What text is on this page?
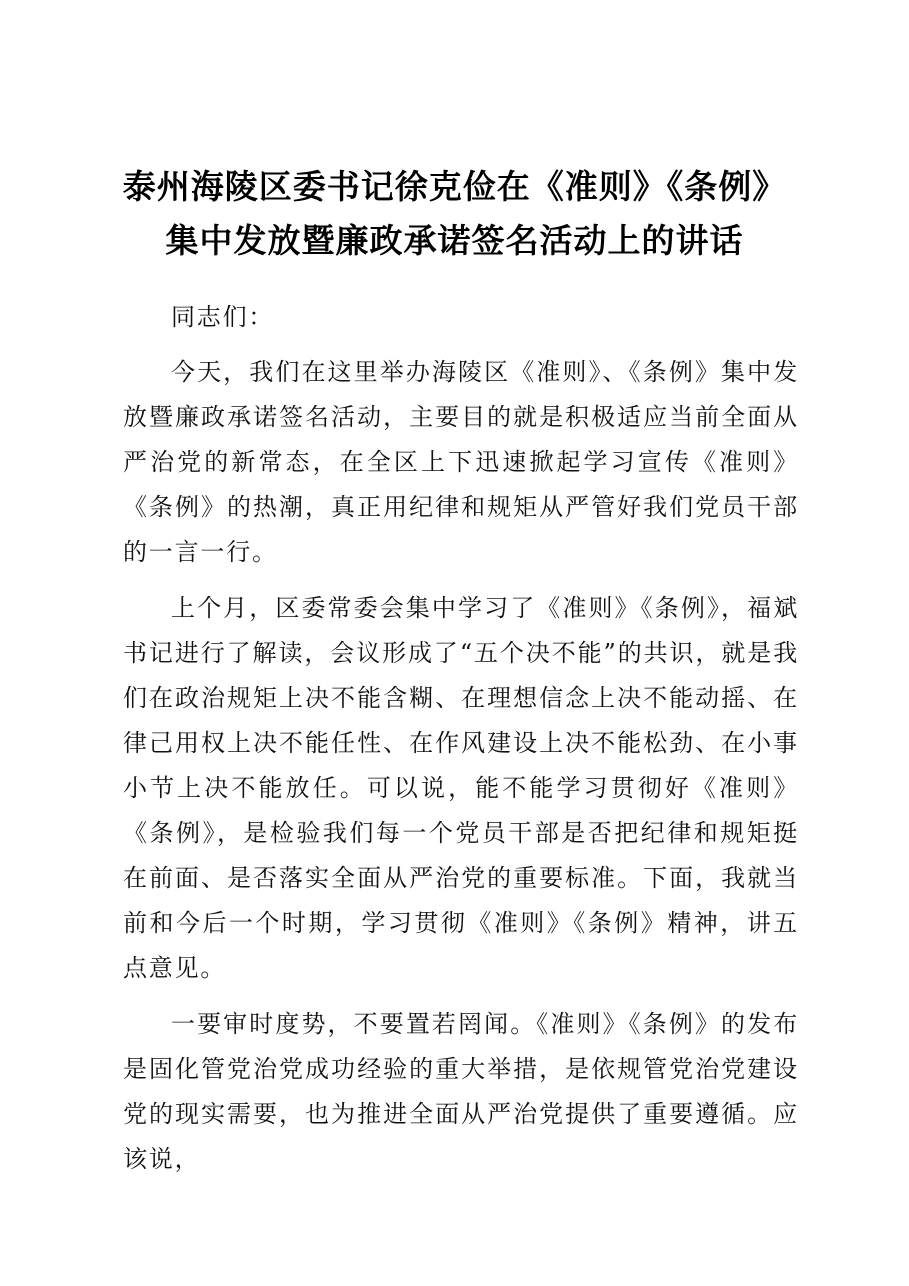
泰州海陵区委书记徐克俭在《准则》《条例》
集中发放暨廉政承诺签名活动上的讲话

同志们：

今天，我们在这里举办海陵区《准则》、《条例》集中发放暨廉政承诺签名活动，主要目的就是积极适应当前全面从严治党的新常态，在全区上下迅速掀起学习宣传《准则》《条例》的热潮，真正用纪律和规矩从严管好我们党员干部的一言一行。

上个月，区委常委会集中学习了《准则》《条例》，福斌书记进行了解读，会议形成了“五个决不能”的共识，就是我们在政治规矩上决不能含糊、在理想信念上决不能动摇、在律己用权上决不能任性、在作风建设上决不能松劲、在小事小节上决不能放任。可以说，能不能学习贯彻好《准则》《条例》，是检验我们每一个党员干部是否把纪律和规矩挺在前面、是否落实全面从严治党的重要标准。下面，我就当前和今后一个时期，学习贯彻《准则》《条例》精神，讲五点意见。

一要审时度势，不要置若罔闻。《准则》《条例》的发布是固化管党治党成功经验的重大举措，是依规管党治党建设党的现实需要，也为推进全面从严治党提供了重要遵循。应该说，
